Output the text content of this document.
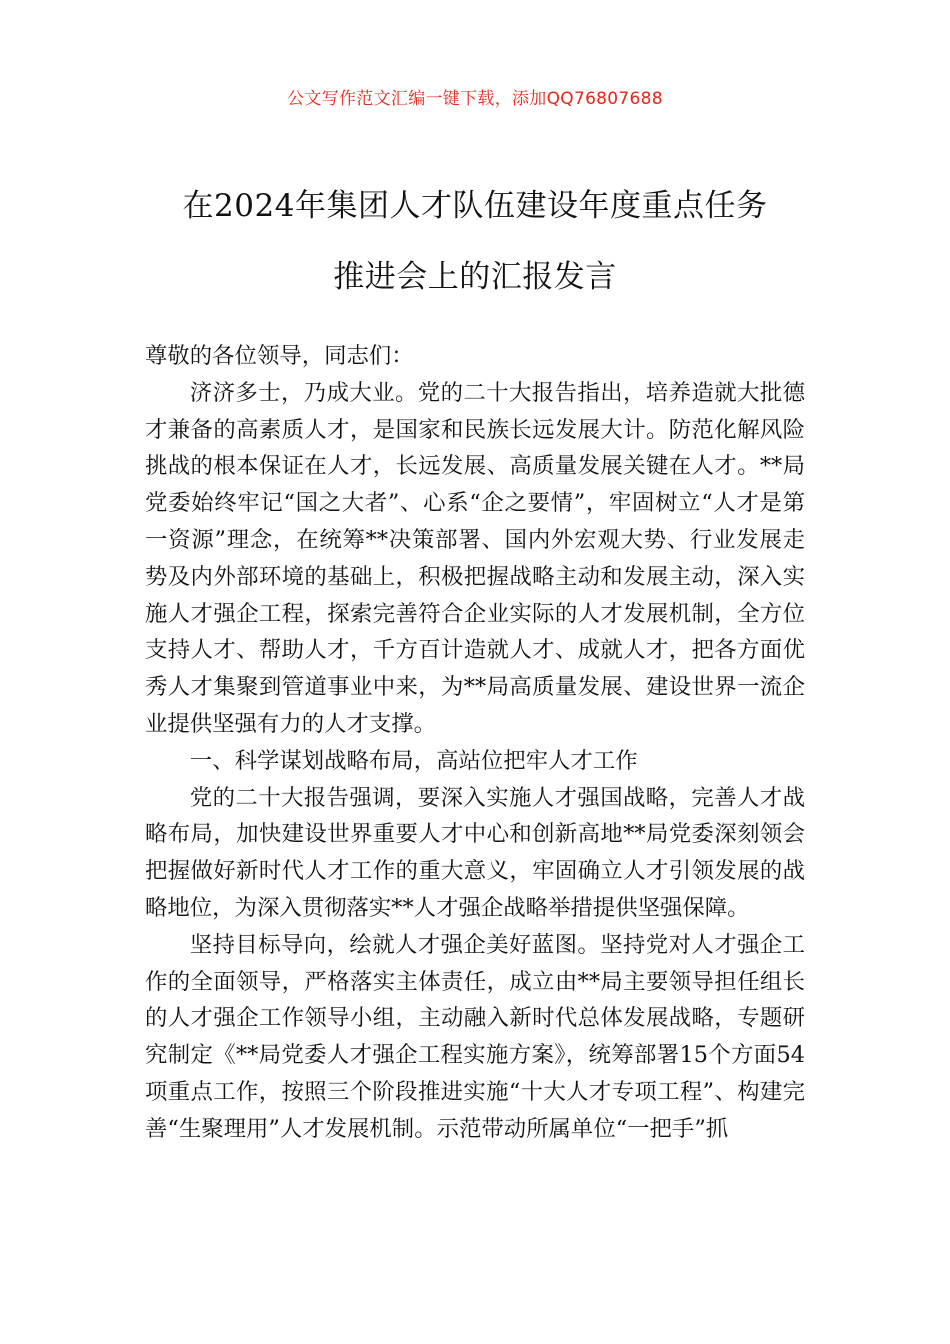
公文写作范文汇编一键下载，添加QQ76807688
在2024年集团人才队伍建设年度重点任务
推进会上的汇报发言

尊敬的各位领导，同志们：

济济多士，乃成大业。党的二十大报告指出，培养造就大批德才兼备的高素质人才，是国家和民族长远发展大计。防范化解风险挑战的根本保证在人才，长远发展、高质量发展关键在人才。**局党委始终牢记“国之大者”、心系“企之要情”，牢固树立“人才是第一资源”理念，在统筹**决策部署、国内外宏观大势、行业发展走势及内外部环境的基础上，积极把握战略主动和发展主动，深入实施人才强企工程，探索完善符合企业实际的人才发展机制，全方位支持人才、帮助人才，千方百计造就人才、成就人才，把各方面优秀人才集聚到管道事业中来，为**局高质量发展、建设世界一流企业提供坚强有力的人才支撑。

一、科学谋划战略布局，高站位把牢人才工作

党的二十大报告强调，要深入实施人才强国战略，完善人才战略布局，加快建设世界重要人才中心和创新高地**局党委深刻领会把握做好新时代人才工作的重大意义，牢固确立人才引领发展的战略地位，为深入贯彻落实**人才强企战略举措提供坚强保障。

坚持目标导向，绘就人才强企美好蓝图。坚持党对人才强企工作的全面领导，严格落实主体责任，成立由**局主要领导担任组长的人才强企工作领导小组，主动融入新时代总体发展战略，专题研究制定《**局党委人才强企工程实施方案》，统筹部署15个方面54项重点工作，按照三个阶段推进实施“十大人才专项工程”、构建完善“生聚理用”人才发展机制。示范带动所属单位“一把手”抓
